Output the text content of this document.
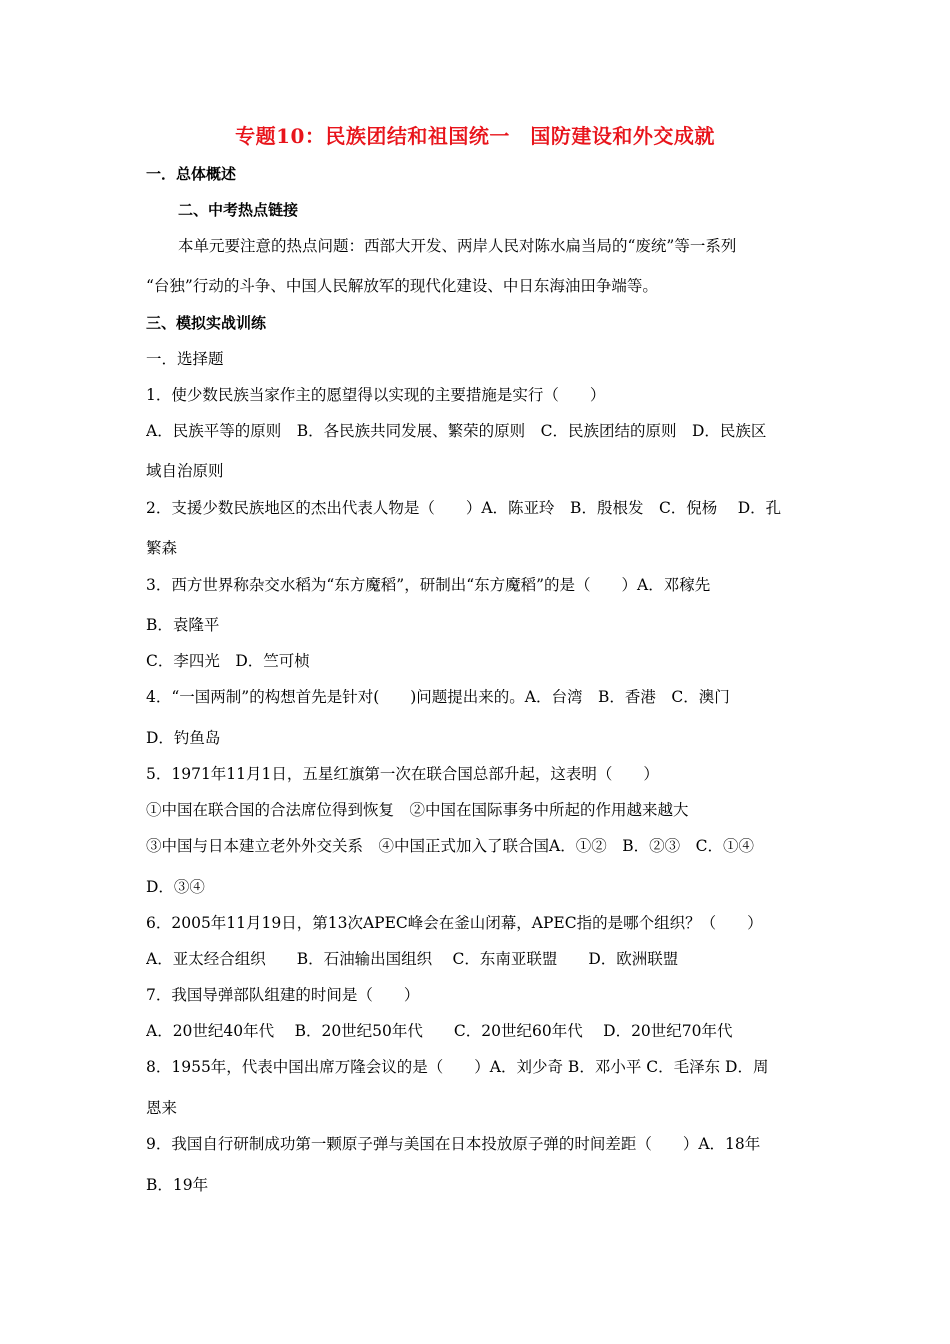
专题10：民族团结和祖国统一　国防建设和外交成就
一．总体概述
二、中考热点链接
本单元要注意的热点问题：西部大开发、两岸人民对陈水扁当局的“废统”等一系列
“台独”行动的斗争、中国人民解放军的现代化建设、中日东海油田争端等。
三、模拟实战训练
一．选择题
1．使少数民族当家作主的愿望得以实现的主要措施是实行（　　）
A．民族平等的原则　B．各民族共同发展、繁荣的原则　C．民族团结的原则　D．民族区
域自治原则
2．支援少数民族地区的杰出代表人物是（　　）A．陈亚玲　B．殷根发　C．倪杨　 D．孔
繁森
3．西方世界称杂交水稻为“东方魔稻”，研制出“东方魔稻”的是（　　）A．邓稼先
B．袁隆平
C．李四光　D．竺可桢
4．“一国两制”的构想首先是针对(　　)问题提出来的。A．台湾　B．香港　C．澳门
D．钓鱼岛
5．1971年11月1日，五星红旗第一次在联合国总部升起，这表明（　　）
①中国在联合国的合法席位得到恢复　②中国在国际事务中所起的作用越来越大
③中国与日本建立老外外交关系　④中国正式加入了联合国A．①②　B．②③　C．①④
D．③④
6．2005年11月19日，第13次APEC峰会在釜山闭幕，APEC指的是哪个组织？（　　）
A．亚太经合组织　　B．石油输出国组织　 C．东南亚联盟　　D．欧洲联盟
7．我国导弹部队组建的时间是（　　）
A．20世纪40年代　 B．20世纪50年代　　C．20世纪60年代　 D．20世纪70年代
8．1955年，代表中国出席万隆会议的是（　　）A．刘少奇 B．邓小平 C．毛泽东 D．周
恩来
9．我国自行研制成功第一颗原子弹与美国在日本投放原子弹的时间差距（　　）A．18年
B．19年
